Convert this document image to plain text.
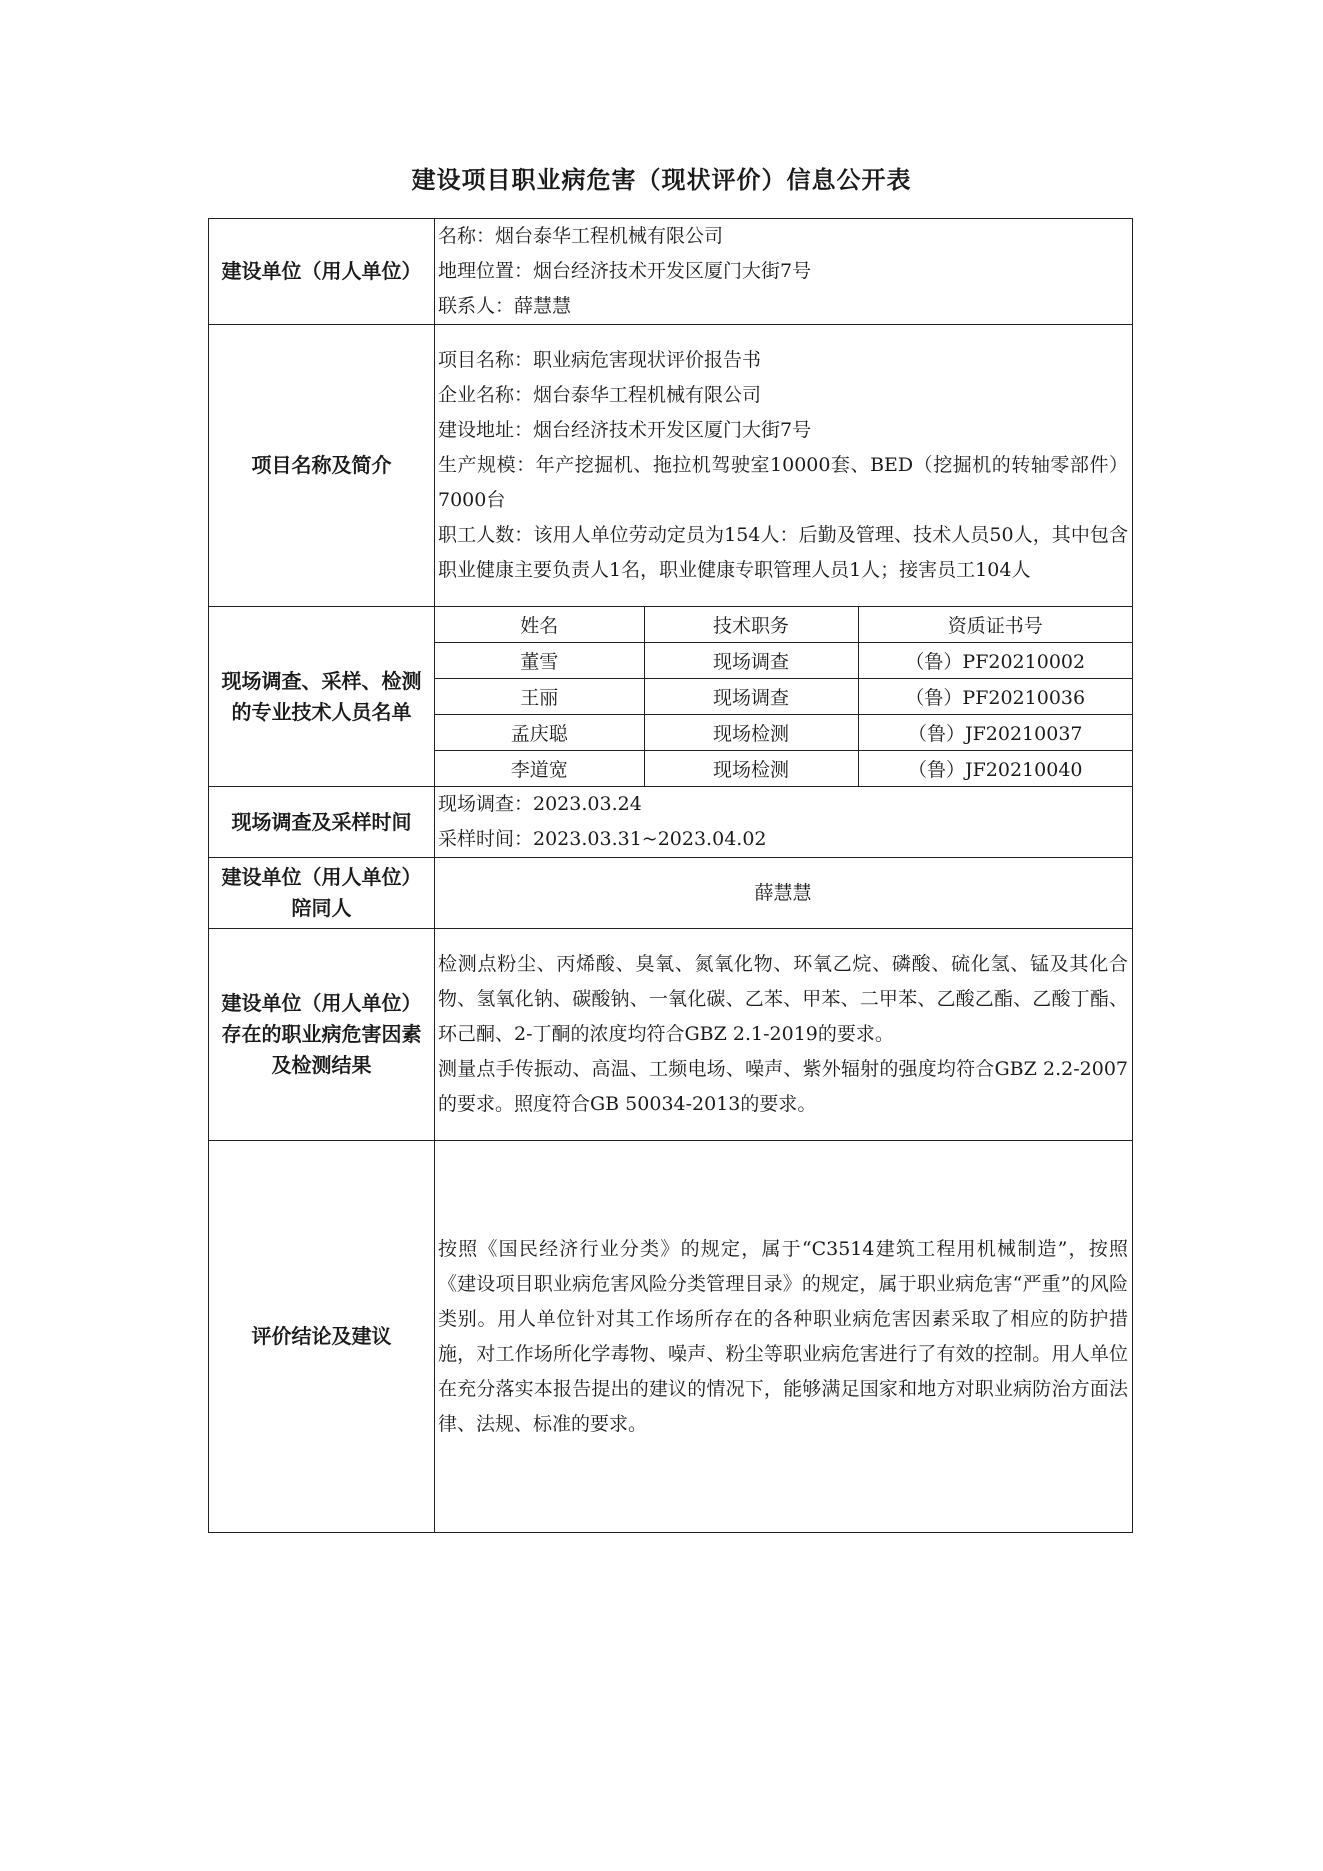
建设项目职业病危害（现状评价）信息公开表
建设单位（用人单位）	
名称：烟台泰华工程机械有限公司
地理位置：烟台经济技术开发区厦门大街7号
联系人：薛慧慧

项目名称及简介	
项目名称：职业病危害现状评价报告书
企业名称：烟台泰华工程机械有限公司
建设地址：烟台经济技术开发区厦门大街7号
生产规模：年产挖掘机、拖拉机驾驶室10000套、BED（挖掘机的转轴零部件）7000台
职工人数：该用人单位劳动定员为154人：后勤及管理、技术人员50人，其中包含职业健康主要负责人1名，职业健康专职管理人员1人；接害员工104人

现场调查、采样、检测的专业技术人员名单	
姓名	技术职务	资质证书号
董雪	现场调查	（鲁）PF20210002
王丽	现场调查	（鲁）PF20210036
孟庆聪	现场检测	（鲁）JF20210037
李道宽	现场检测	（鲁）JF20210040

现场调查及采样时间	
现场调查：2023.03.24
采样时间：2023.03.31~2023.04.02

建设单位（用人单位）陪同人	薛慧慧
建设单位（用人单位）存在的职业病危害因素及检测结果	
检测点粉尘、丙烯酸、臭氧、氮氧化物、环氧乙烷、磷酸、硫化氢、锰及其化合物、氢氧化钠、碳酸钠、一氧化碳、乙苯、甲苯、二甲苯、乙酸乙酯、乙酸丁酯、环己酮、2-丁酮的浓度均符合GBZ 2.1-2019的要求。
测量点手传振动、高温、工频电场、噪声、紫外辐射的强度均符合GBZ 2.2-2007的要求。照度符合GB 50034-2013的要求。

评价结论及建议	
按照《国民经济行业分类》的规定，属于“C3514建筑工程用机械制造”，按照《建设项目职业病危害风险分类管理目录》的规定，属于职业病危害“严重”的风险类别。用人单位针对其工作场所存在的各种职业病危害因素采取了相应的防护措施，对工作场所化学毒物、噪声、粉尘等职业病危害进行了有效的控制。用人单位在充分落实本报告提出的建议的情况下，能够满足国家和地方对职业病防治方面法律、法规、标准的要求。
